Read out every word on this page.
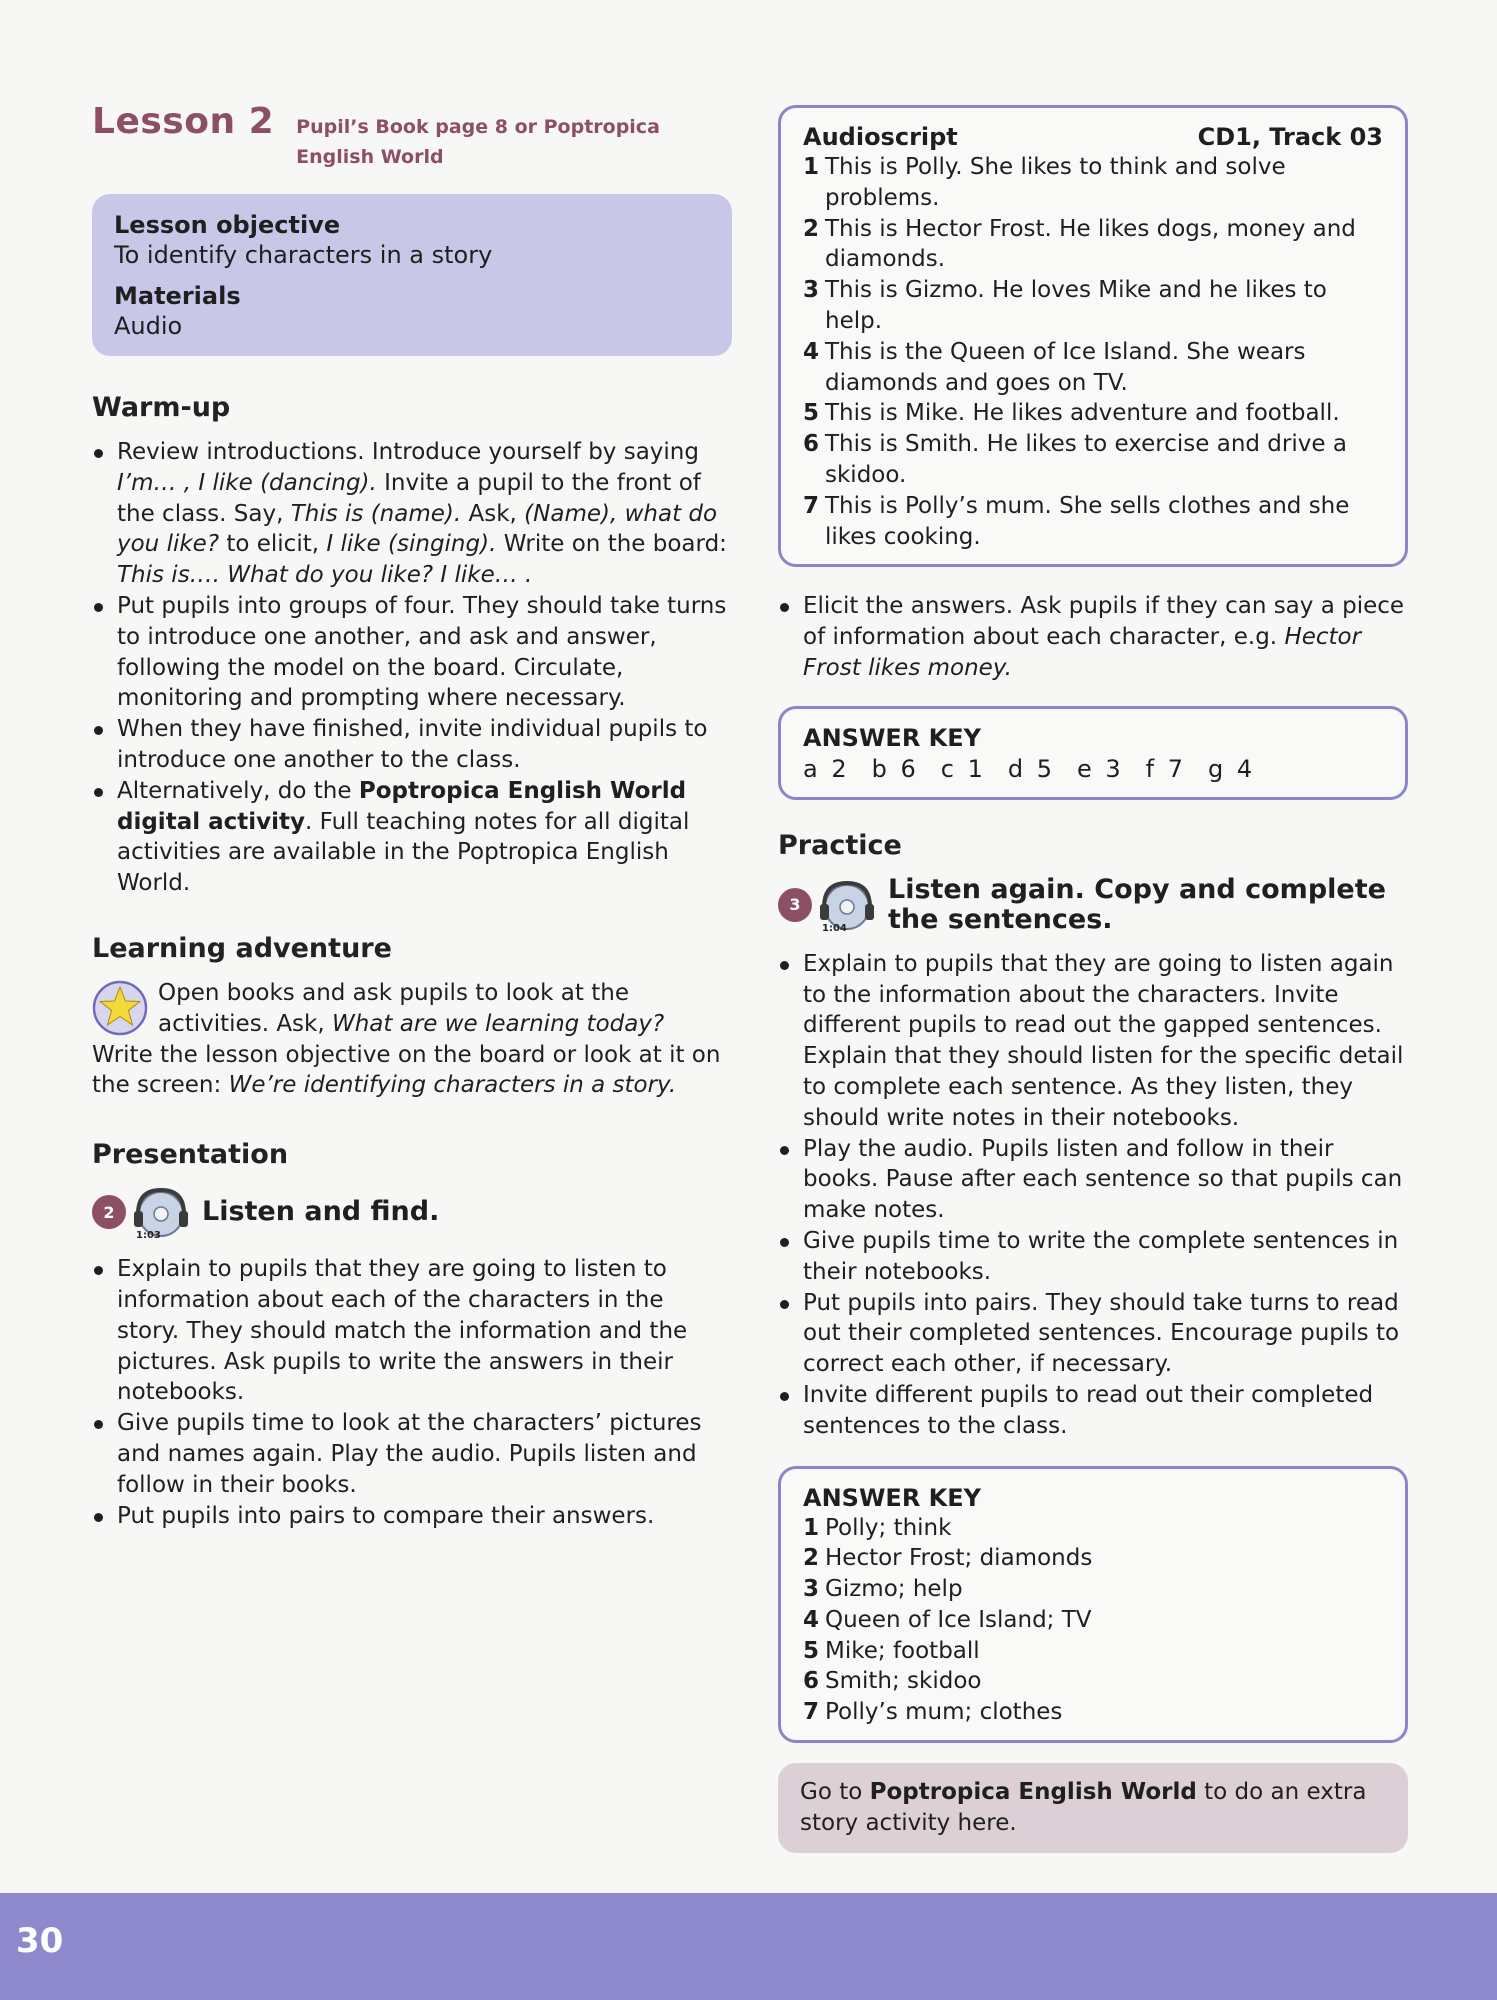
Lesson 2 Pupil’s Book page 8 or Poptropica English World
Lesson objective
To identify characters in a story
Materials
Audio
Warm-up
Review introductions. Introduce yourself by saying I’m… , I like (dancing). Invite a pupil to the front of the class. Say, This is (name). Ask, (Name), what do you like? to elicit, I like (singing). Write on the board: This is…. What do you like? I like… .
Put pupils into groups of four. They should take turns to introduce one another, and ask and answer, following the model on the board. Circulate, monitoring and prompting where necessary.
When they have finished, invite individual pupils to introduce one another to the class.
Alternatively, do the Poptropica English World digital activity. Full teaching notes for all digital activities are available in the Poptropica English World.
Learning adventure
Open books and ask pupils to look at the activities. Ask, What are we learning today? Write the lesson objective on the board or look at it on the screen: We’re identifying characters in a story.
Presentation
2
1:03
Listen and find.
Explain to pupils that they are going to listen to information about each of the characters in the story. They should match the information and the pictures. Ask pupils to write the answers in their notebooks.
Give pupils time to look at the characters’ pictures and names again. Play the audio. Pupils listen and follow in their books.
Put pupils into pairs to compare their answers.
Audioscript	CD1, Track 03
1 This is Polly. She likes to think and solve problems.
2 This is Hector Frost. He likes dogs, money and diamonds.
3 This is Gizmo. He loves Mike and he likes to help.
4 This is the Queen of Ice Island. She wears diamonds and goes on TV.
5 This is Mike. He likes adventure and football.
6 This is Smith. He likes to exercise and drive a skidoo.
7 This is Polly’s mum. She sells clothes and she likes cooking.
Elicit the answers. Ask pupils if they can say a piece of information about each character, e.g. Hector Frost likes money.
ANSWER KEY
a 2 b 6 c 1 d 5 e 3 f 7 g 4
Practice
3
1:04
Listen again. Copy and complete the sentences.
Explain to pupils that they are going to listen again to the information about the characters. Invite different pupils to read out the gapped sentences. Explain that they should listen for the specific detail to complete each sentence. As they listen, they should write notes in their notebooks.
Play the audio. Pupils listen and follow in their books. Pause after each sentence so that pupils can make notes.
Give pupils time to write the complete sentences in their notebooks.
Put pupils into pairs. They should take turns to read out their completed sentences. Encourage pupils to correct each other, if necessary.
Invite different pupils to read out their completed sentences to the class.
ANSWER KEY
1 Polly; think
2 Hector Frost; diamonds
3 Gizmo; help
4 Queen of Ice Island; TV
5 Mike; football
6 Smith; skidoo
7 Polly’s mum; clothes
Go to Poptropica English World to do an extra story activity here.
30
